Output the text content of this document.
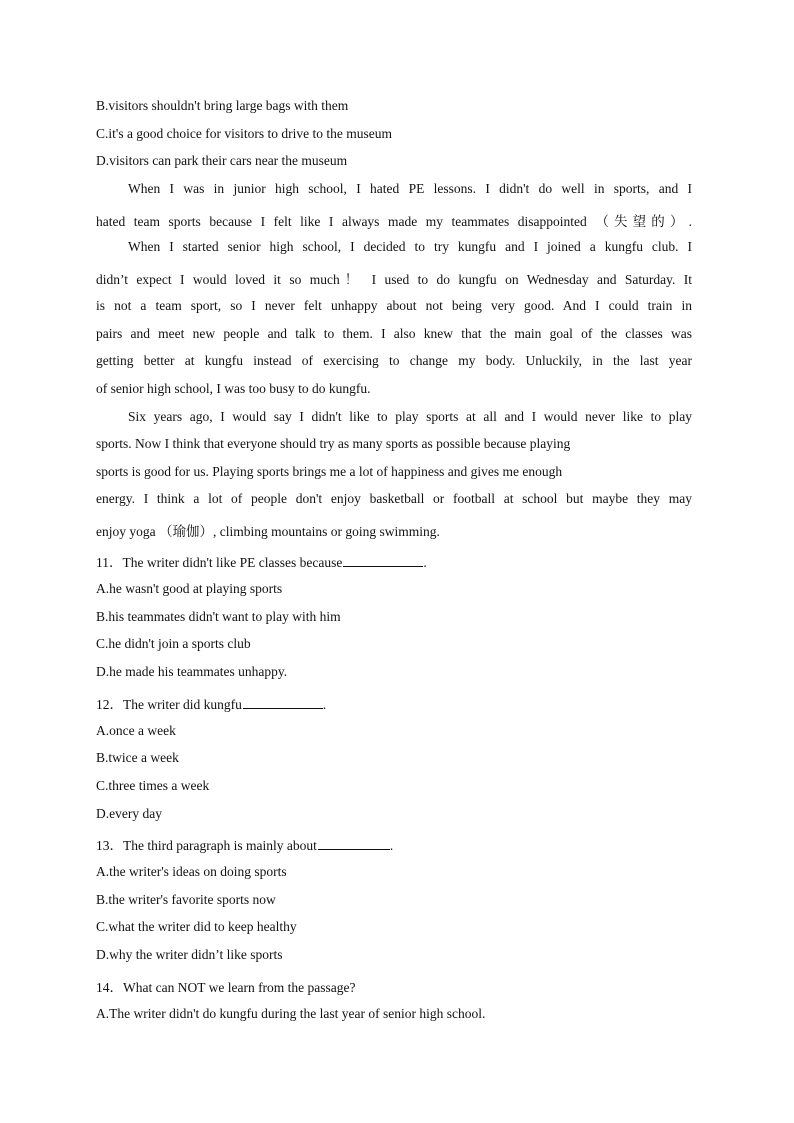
B.visitors shouldn't bring large bags with them
C.it's a good choice for visitors to drive to the museum
D.visitors can park their cars near the museum
When I was in junior high school, I hated PE lessons. I didn't do well in sports, and I
hated team sports because I felt like I always made my teammates disappointed （失望的）.
When I started senior high school, I decided to try kungfu and I joined a kungfu club. I
didn’t expect I would loved it so much！ I used to do kungfu on Wednesday and Saturday. It
is not a team sport, so I never felt unhappy about not being very good. And I could train in
pairs and meet new people and talk to them. I also knew that the main goal of the classes was
getting better at kungfu instead of exercising to change my body. Unluckily, in the last year
of senior high school, I was too busy to do kungfu.
Six years ago, I would say I didn't like to play sports at all and I would never like to play
sports. Now I think that everyone should try as many sports as possible because playing
sports is good for us. Playing sports brings me a lot of happiness and gives me enough
energy. I think a lot of people don't enjoy basketball or football at school but maybe they may
enjoy yoga （瑜伽）, climbing mountains or going swimming.
11．The writer didn't like PE classes because	.
A.he wasn't good at playing sports
B.his teammates didn't want to play with him
C.he didn't join a sports club
D.he made his teammates unhappy.
12．The writer did kungfu	.
A.once a week
B.twice a week
C.three times a week
D.every day
13．The third paragraph is mainly about	.
A.the writer's ideas on doing sports
B.the writer's favorite sports now
C.what the writer did to keep healthy
D.why the writer didn’t like sports
14．What can NOT we learn from the passage?
A.The writer didn't do kungfu during the last year of senior high school.
